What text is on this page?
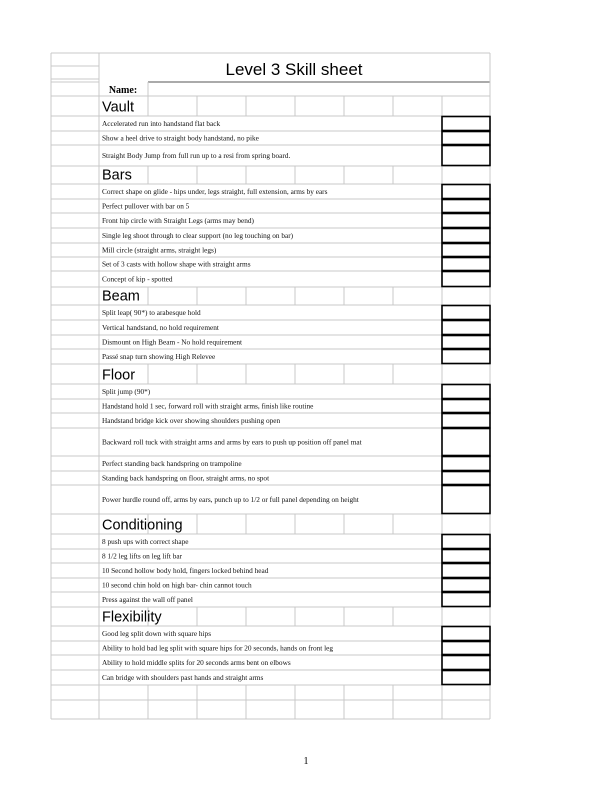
Level 3 Skill sheet
Name:
Vault
Accelerated run into handstand flat back
Show a heel drive to straight body handstand, no pike
Straight Body Jump from full run up to a resi from spring board.
Bars
Correct shape on glide - hips under, legs straight, full extension, arms by ears
Perfect pullover with bar on 5
Front hip circle with Straight Legs (arms may bend)
Single leg shoot through to clear support (no leg touching on bar)
Mill circle (straight arms, straight legs)
Set of 3 casts with hollow shape with straight arms
Concept of kip - spotted
Beam
Split leap( 90*) to arabesque hold
Vertical handstand, no hold requirement
Dismount on High Beam - No hold requirement
Passé snap turn showing High Relevee
Floor
Split jump (90*)
Handstand hold 1 sec, forward roll with straight arms, finish like routine
Handstand bridge kick over showing shoulders pushing open
Backward roll tuck with straight arms and arms by ears to push up position off panel mat
Perfect standing back handspring on trampoline
Standing back handspring on floor, straight arms, no spot
Power hurdle round off, arms by ears, punch up to 1/2 or full panel depending on height
Conditioning
8 push ups with correct shape
8 1/2 leg lifts on leg lift bar
10 Second hollow body hold, fingers locked behind head
10 second chin hold on high bar- chin cannot touch
Press against the wall off panel
Flexibility
Good leg split down with square hips
Ability to hold bad leg split with square hips for 20 seconds, hands on front leg
Ability to hold middle splits for 20 seconds arms bent on elbows
Can bridge with shoulders past hands and straight arms
1
